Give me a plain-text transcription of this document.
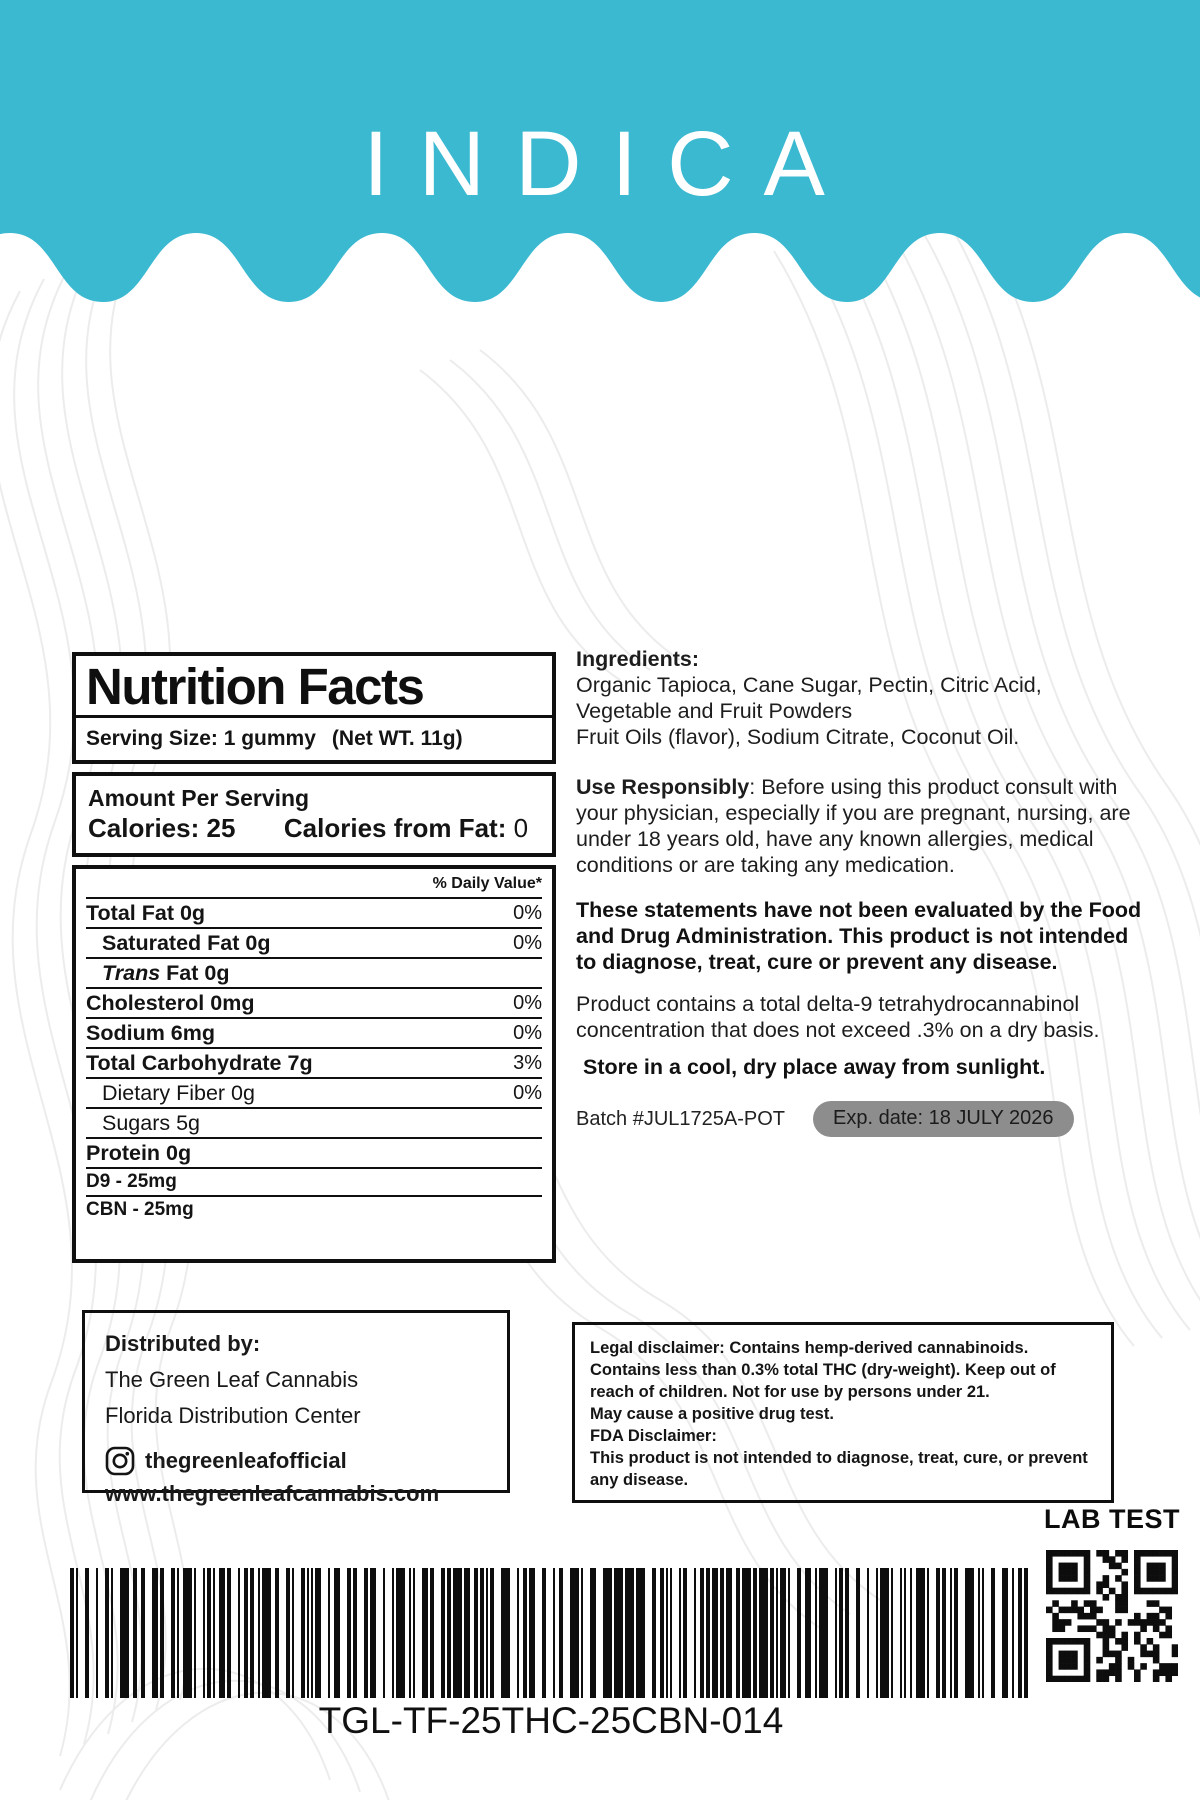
INDICA
Nutrition Facts
Serving Size: 1 gummy (Net WT. 11g)
Amount Per Serving
Calories: 25 Calories from Fat: 0
% Daily Value*
Total Fat 0g	0%
Saturated Fat 0g	0%
Trans Fat 0g
Cholesterol 0mg	0%
Sodium 6mg	0%
Total Carbohydrate 7g	3%
Dietary Fiber 0g	0%
Sugars 5g
Protein 0g
D9 - 25mg
CBN - 25mg

Ingredients:
Organic Tapioca, Cane Sugar, Pectin, Citric Acid,
Vegetable and Fruit Powders
Fruit Oils (flavor), Sodium Citrate, Coconut Oil.

Use Responsibly: Before using this product consult with your physician, especially if you are pregnant, nursing, are under 18 years old, have any known allergies, medical conditions or are taking any medication.

These statements have not been evaluated by the Food and Drug Administration. This product is not intended to diagnose, treat, cure or prevent any disease.

Product contains a total delta-9 tetrahydrocannabinol concentration that does not exceed .3% on a dry basis.

Store in a cool, dry place away from sunlight.

Batch #JUL1725A-POT	Exp. date: 18 JULY 2026
Distributed by:
The Green Leaf Cannabis
Florida Distribution Center
thegreenleafofficial
www.thegreenleafcannabis.com

Legal disclaimer: Contains hemp-derived cannabinoids. Contains less than 0.3% total THC (dry-weight). Keep out of reach of children. Not for use by persons under 21.

May cause a positive drug test.

FDA Disclaimer:

This product is not intended to diagnose, treat, cure, or prevent any disease.

LAB TEST
TGL-TF-25THC-25CBN-014
